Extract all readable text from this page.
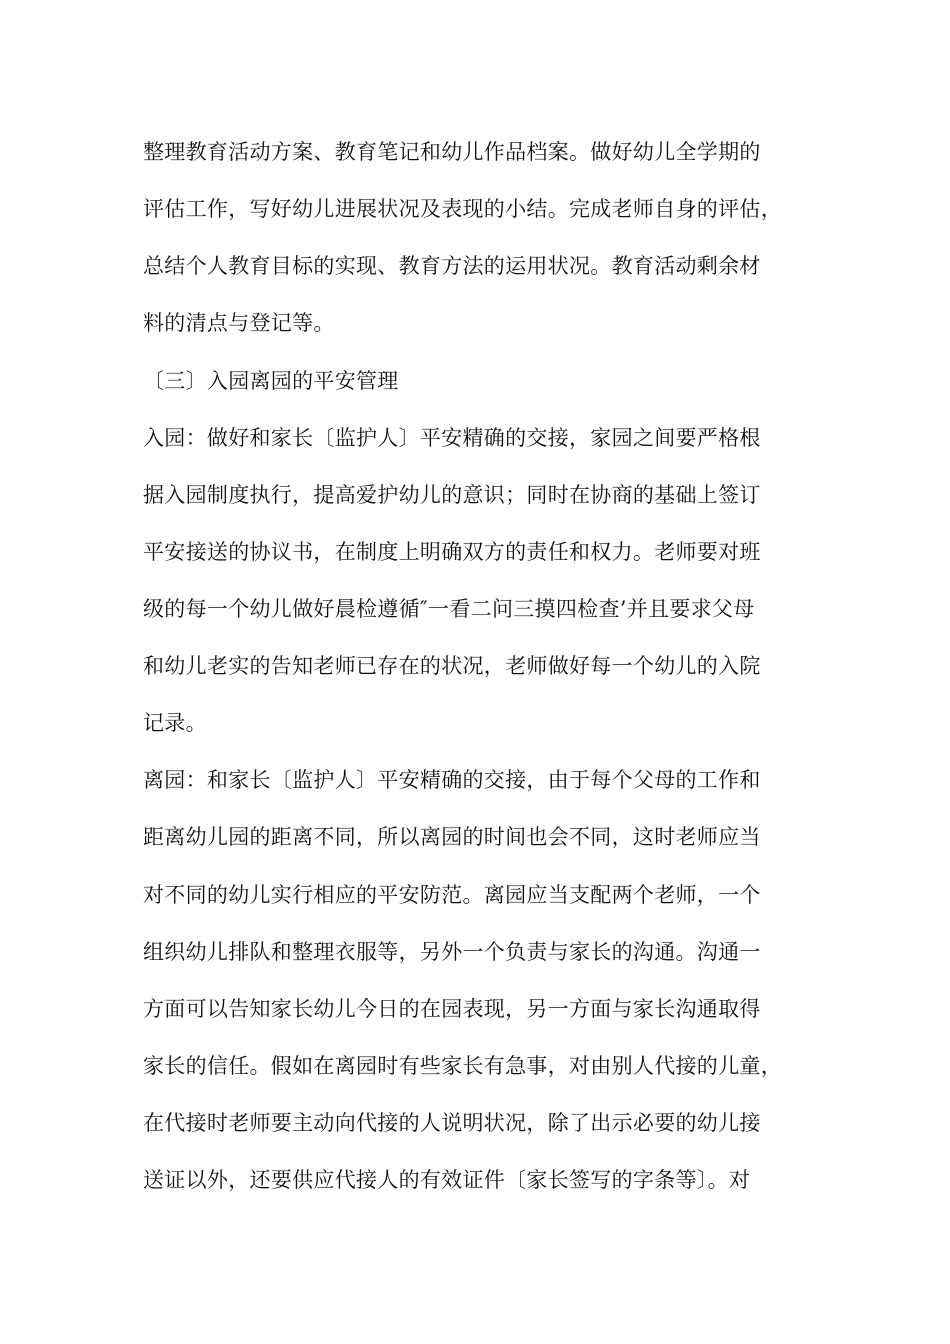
整理教育活动方案、教育笔记和幼儿作品档案。做好幼儿全学期的
评估工作，写好幼儿进展状况及表现的小结。完成老师自身的评估，
总结个人教育目标的实现、教育方法的运用状况。教育活动剩余材
料的清点与登记等。
〔三〕入园离园的平安管理
入园：做好和家长〔监护人〕平安精确的交接，家园之间要严格根
据入园制度执行，提高爱护幼儿的意识；同时在协商的基础上签订
平安接送的协议书，在制度上明确双方的责任和权力。老师要对班
级的每一个幼儿做好晨检遵循″一看二问三摸四检查’并且要求父母
和幼儿老实的告知老师已存在的状况，老师做好每一个幼儿的入院
记录。
离园：和家长〔监护人〕平安精确的交接，由于每个父母的工作和
距离幼儿园的距离不同，所以离园的时间也会不同，这时老师应当
对不同的幼儿实行相应的平安防范。离园应当支配两个老师，一个
组织幼儿排队和整理衣服等，另外一个负责与家长的沟通。沟通一
方面可以告知家长幼儿今日的在园表现，另一方面与家长沟通取得
家长的信任。假如在离园时有些家长有急事，对由别人代接的儿童，
在代接时老师要主动向代接的人说明状况，除了出示必要的幼儿接
送证以外，还要供应代接人的有效证件〔家长签写的字条等〕。对
